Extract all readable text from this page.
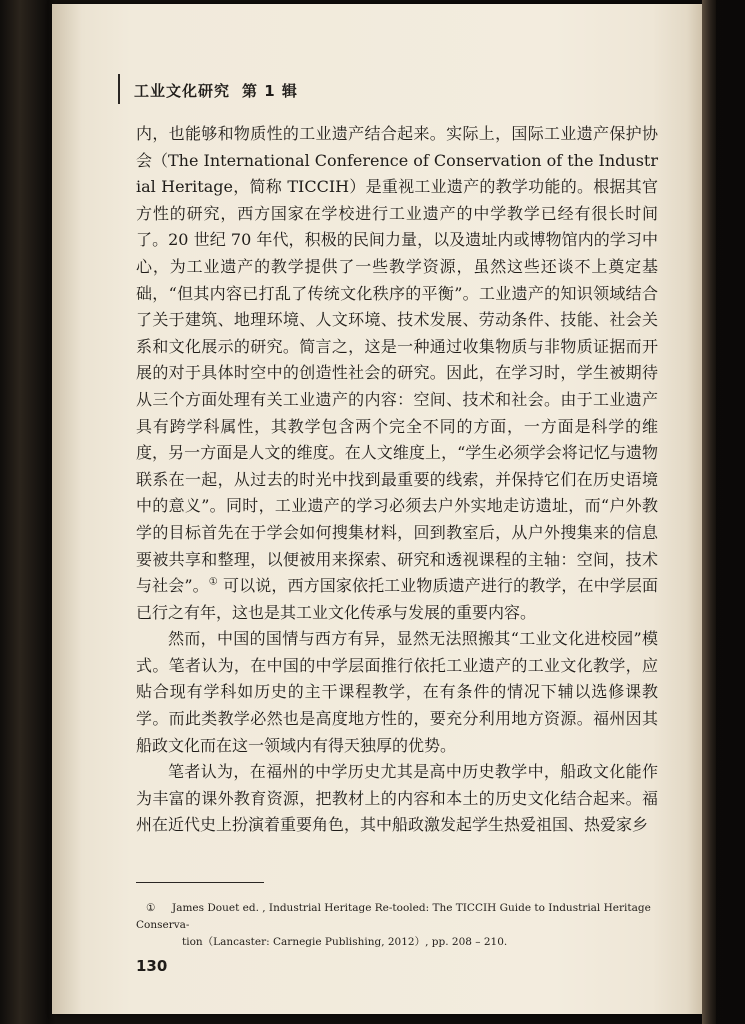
工业文化研究 第 1 辑

内，也能够和物质性的工业遗产结合起来。实际上，国际工业遗产保护协会（The International Conference of Conservation of the Industrial Heritage，简称 TICCIH）是重视工业遗产的教学功能的。根据其官方性的研究，西方国家在学校进行工业遗产的中学教学已经有很长时间了。20 世纪 70 年代，积极的民间力量，以及遗址内或博物馆内的学习中心，为工业遗产的教学提供了一些教学资源，虽然这些还谈不上奠定基础，“但其内容已打乱了传统文化秩序的平衡”。工业遗产的知识领域结合了关于建筑、地理环境、人文环境、技术发展、劳动条件、技能、社会关系和文化展示的研究。简言之，这是一种通过收集物质与非物质证据而开展的对于具体时空中的创造性社会的研究。因此，在学习时，学生被期待从三个方面处理有关工业遗产的内容：空间、技术和社会。由于工业遗产具有跨学科属性，其教学包含两个完全不同的方面，一方面是科学的维度，另一方面是人文的维度。在人文维度上，“学生必须学会将记忆与遗物联系在一起，从过去的时光中找到最重要的线索，并保持它们在历史语境中的意义”。同时，工业遗产的学习必须去户外实地走访遗址，而“户外教学的目标首先在于学会如何搜集材料，回到教室后，从户外搜集来的信息要被共享和整理，以便被用来探索、研究和透视课程的主轴：空间，技术与社会”。① 可以说，西方国家依托工业物质遗产进行的教学，在中学层面已行之有年，这也是其工业文化传承与发展的重要内容。

然而，中国的国情与西方有异，显然无法照搬其“工业文化进校园”模式。笔者认为，在中国的中学层面推行依托工业遗产的工业文化教学，应贴合现有学科如历史的主干课程教学，在有条件的情况下辅以选修课教学。而此类教学必然也是高度地方性的，要充分利用地方资源。福州因其船政文化而在这一领域内有得天独厚的优势。

笔者认为，在福州的中学历史尤其是高中历史教学中，船政文化能作为丰富的课外教育资源，把教材上的内容和本土的历史文化结合起来。福州在近代史上扮演着重要角色，其中船政激发起学生热爱祖国、热爱家乡

① James Douet ed. , Industrial Heritage Re-tooled: The TICCIH Guide to Industrial Heritage Conserva-
tion（Lancaster: Carnegie Publishing, 2012）, pp. 208 – 210.
130
